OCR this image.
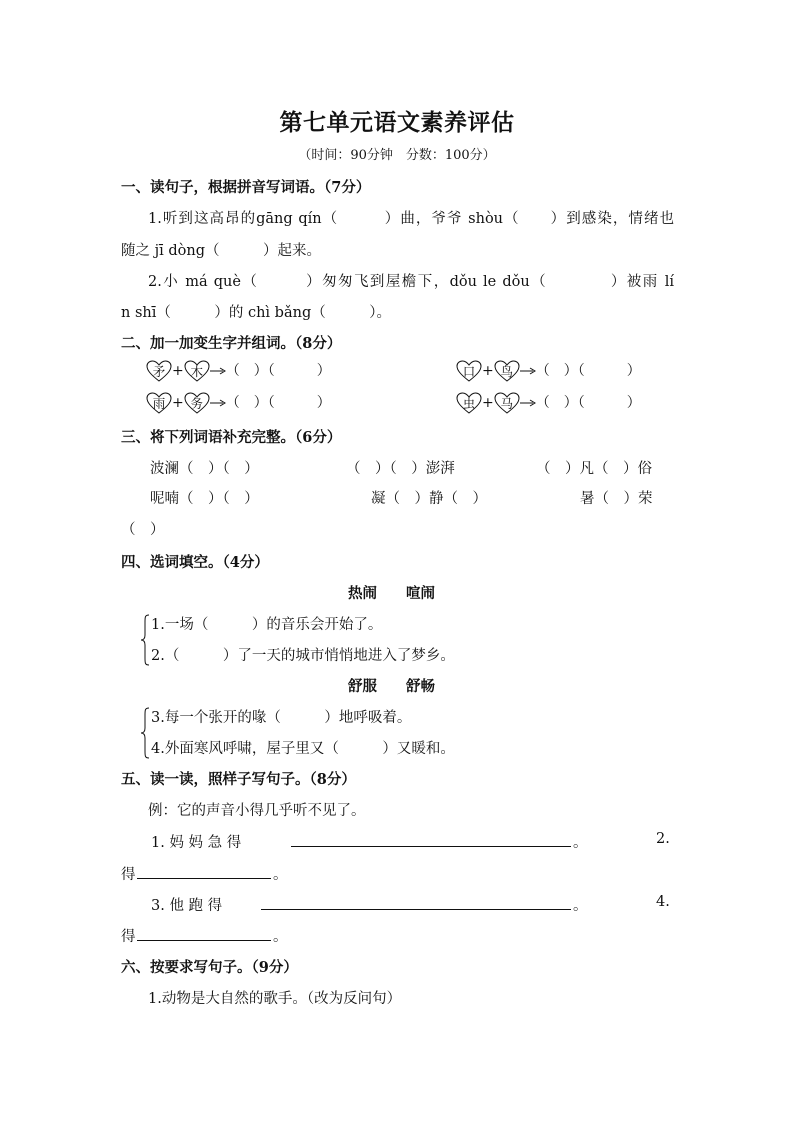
第七单元语文素养评估
（时间：90分钟　分数：100分）
一、读句子，根据拼音写词语。（7分）
1.听到这高昂的gāng qín（　　　）曲，爷爷 shòu（　　）到感染，情绪也
随之 jī dòng（　　　）起来。
2.小 má què（　　　）匆匆飞到屋檐下，dǒu le dǒu（　　　　）被雨 lí
n shī（　　　）的 chì bǎng（　　　）。
二、加一加变生字并组词。（8分）
矛 + 木	（　）（　　　）	口 + 鸟	（　）（　　　）
雨 + 务	（　）（　　　）	虫 + 马	（　）（　　　）
三、将下列词语补充完整。（6分）
波澜（　）（　）	（　）（　）澎湃	（　）凡（　）俗
呢喃（　）（　）	凝（　）静（　）	暑（　）荣
（　）
四、选词填空。（4分）
热闹　　喧闹
1.一场（　　　）的音乐会开始了。
2.（　　　）了一天的城市悄悄地进入了梦乡。
舒服　　舒畅
3.每一个张开的喙（　　　）地呼吸着。
4.外面寒风呼啸，屋子里又（　　　）又暖和。
五、读一读，照样子写句子。（8分）
例：它的声音小得几乎听不见了。
1. 妈 妈 急 得	。	2.
得	。
3. 他 跑 得	。	4.
得	。
六、按要求写句子。（9分）
1.动物是大自然的歌手。（改为反问句）
